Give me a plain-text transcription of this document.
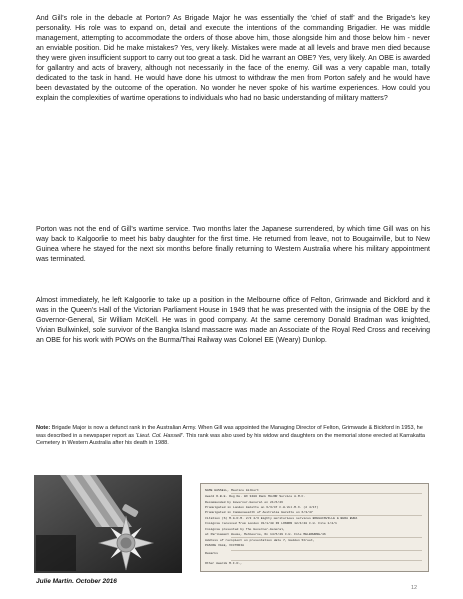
And Gill’s role in the debacle at Porton? As Brigade Major he was essentially the ‘chief of staff’ and the Brigade’s key personality. His role was to expand on, detail and execute the intentions of the commanding Brigadier. He was middle management, attempting to accommodate the orders of those above him, those alongside him and those below him - never an enviable position. Did he make mistakes? Yes, very likely. Mistakes were made at all levels and brave men died because they were given insufficient support to carry out too great a task. Did he warrant an OBE? Yes, very likely. An OBE is awarded for gallantry and acts of bravery, although not necessarily in the face of the enemy. Gill was a very capable man, totally dedicated to the task in hand. He would have done his utmost to withdraw the men from Porton safely and he would have been devastated by the outcome of the operation. No wonder he never spoke of his wartime experiences. How could you explain the complexities of wartime operations to individuals who had no basic understanding of military matters?

Porton was not the end of Gill’s wartime service. Two months later the Japanese surrendered, by which time Gill was on his way back to Kalgoorlie to meet his baby daughter for the first time. He returned from leave, not to Bougainville, but to New Guinea where he stayed for the next six months before finally returning to Western Australia where his military appointment was terminated.

Almost immediately, he left Kalgoorlie to take up a position in the Melbourne office of Felton, Grimwade and Bickford and it was in the Queen’s Hall of the Victorian Parliament House in 1949 that he was presented with the insignia of the OBE by the Governor-General, Sir William McKell. He was in good company. At the same ceremony Donald Bradman was knighted, Vivian Bullwinkel, sole survivor of the Bangka Island massacre was made an Associate of the Royal Red Cross and receiving an OBE for his work with POWs on the Burma/Thai Railway was Colonel EE (Weary) Dunlop.

Note: Brigade Major is now a defunct rank in the Australian Army. When Gill was appointed the Managing Director of Felton, Grimwade & Bickford in 1953, he was described in a newspaper report as ‘Lieut. Col. Hassell’. This rank was also used by his widow and daughters on the memorial stone erected at Karrakatta Cemetery in Western Australia after his death in 1988.

NAME HASSELL, Maurice Gilbert
Award O.B.E. Reg No. WX 3480 Rank MAJOR Service A.M.F.
Recommended by Governor-General on 21/6/46
Promulgated in London Gazette on 6/3/47 C.H.Vol.M.X. (2 4/17)
Promulgated in Commonwealth of Australia Gazette on 6/3/47
Citation (S) M.G.D.M. 2/3 4/3 Eighty meritorious services BOUGAINVILLE & BURA BURA
Insignia received from London 31/1/48 IN LONDON 12/4/48 C.H. File 1/4/1
Insignia presented by The Governor-General,
at Parliament House, Melbourne, On 14/5/49 C.H. File MELBOURNE/46
Address of recipient on presentation date 7, Heddon Street,
PASCOE VALE, VICTORIA
Remarks
Other Awards M.I.D.,
Julie Martin. October 2016
12
